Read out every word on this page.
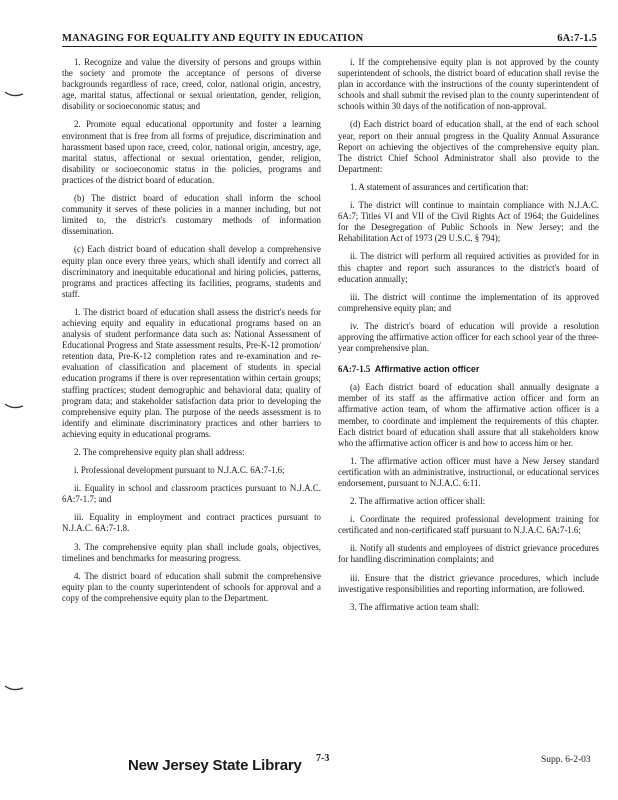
MANAGING FOR EQUALITY AND EQUITY IN EDUCATION	6A:7-1.5

1. Recognize and value the diversity of persons and groups within the society and promote the acceptance of persons of diverse backgrounds regardless of race, creed, color, national origin, ancestry, age, marital status, affectional or sexual orientation, gender, religion, disability or socioeconomic status; and

2. Promote equal educational opportunity and foster a learning environment that is free from all forms of prejudice, discrimination and harassment based upon race, creed, color, national origin, ancestry, age, marital status, affectional or sexual orientation, gender, religion, disability or socioeconomic status in the policies, programs and practices of the district board of education.

(b) The district board of education shall inform the school community it serves of these policies in a manner including, but not limited to, the district's customary methods of information dissemination.

(c) Each district board of education shall develop a comprehensive equity plan once every three years, which shall identify and correct all discriminatory and inequitable educational and hiring policies, patterns, programs and practices affecting its facilities, programs, students and staff.

1. The district board of education shall assess the district's needs for achieving equity and equality in educational programs based on an analysis of student performance data such as: National Assessment of Educational Progress and State assessment results, Pre-K-12 promotion/ retention data, Pre-K-12 completion rates and re-examination and re-evaluation of classification and placement of students in special education programs if there is over representation within certain groups; staffing practices; student demographic and behavioral data; quality of program data; and stakeholder satisfaction data prior to developing the comprehensive equity plan. The purpose of the needs assessment is to identify and eliminate discriminatory practices and other barriers to achieving equity in educational programs.

2. The comprehensive equity plan shall address:

i. Professional development pursuant to N.J.A.C. 6A:7-1.6;

ii. Equality in school and classroom practices pursuant to N.J.A.C. 6A:7-1.7; and

iii. Equality in employment and contract practices pursuant to N.J.A.C. 6A:7-1.8.

3. The comprehensive equity plan shall include goals, objectives, timelines and benchmarks for measuring progress.

4. The district board of education shall submit the comprehensive equity plan to the county superintendent of schools for approval and a copy of the comprehensive equity plan to the Department.

i. If the comprehensive equity plan is not approved by the county superintendent of schools, the district board of education shall revise the plan in accordance with the instructions of the county superintendent of schools and shall submit the revised plan to the county superintendent of schools within 30 days of the notification of non-approval.

(d) Each district board of education shall, at the end of each school year, report on their annual progress in the Quality Annual Assurance Report on achieving the objectives of the comprehensive equity plan. The district Chief School Administrator shall also provide to the Department:

1. A statement of assurances and certification that:

i. The district will continue to maintain compliance with N.J.A.C. 6A:7; Titles VI and VII of the Civil Rights Act of 1964; the Guidelines for the Desegregation of Public Schools in New Jersey; and the Rehabilitation Act of 1973 (29 U.S.C. § 794);

ii. The district will perform all required activities as provided for in this chapter and report such assurances to the district's board of education annually;

iii. The district will continue the implementation of its approved comprehensive equity plan; and

iv. The district's board of education will provide a resolution approving the affirmative action officer for each school year of the three-year comprehensive plan.

6A:7-1.5 Affirmative action officer

(a) Each district board of education shall annually designate a member of its staff as the affirmative action officer and form an affirmative action team, of whom the affirmative action officer is a member, to coordinate and implement the requirements of this chapter. Each district board of education shall assure that all stakeholders know who the affirmative action officer is and how to access him or her.

1. The affirmative action officer must have a New Jersey standard certification with an administrative, instructional, or educational services endorsement, pursuant to N.J.A.C. 6:11.

2. The affirmative action officer shall:

i. Coordinate the required professional development training for certificated and non-certificated staff pursuant to N.J.A.C. 6A:7-1.6;

ii. Notify all students and employees of district grievance procedures for handling discrimination complaints; and

iii. Ensure that the district grievance procedures, which include investigative responsibilities and reporting information, are followed.

3. The affirmative action team shall:

New Jersey State Library 7-3	Supp. 6-2-03
